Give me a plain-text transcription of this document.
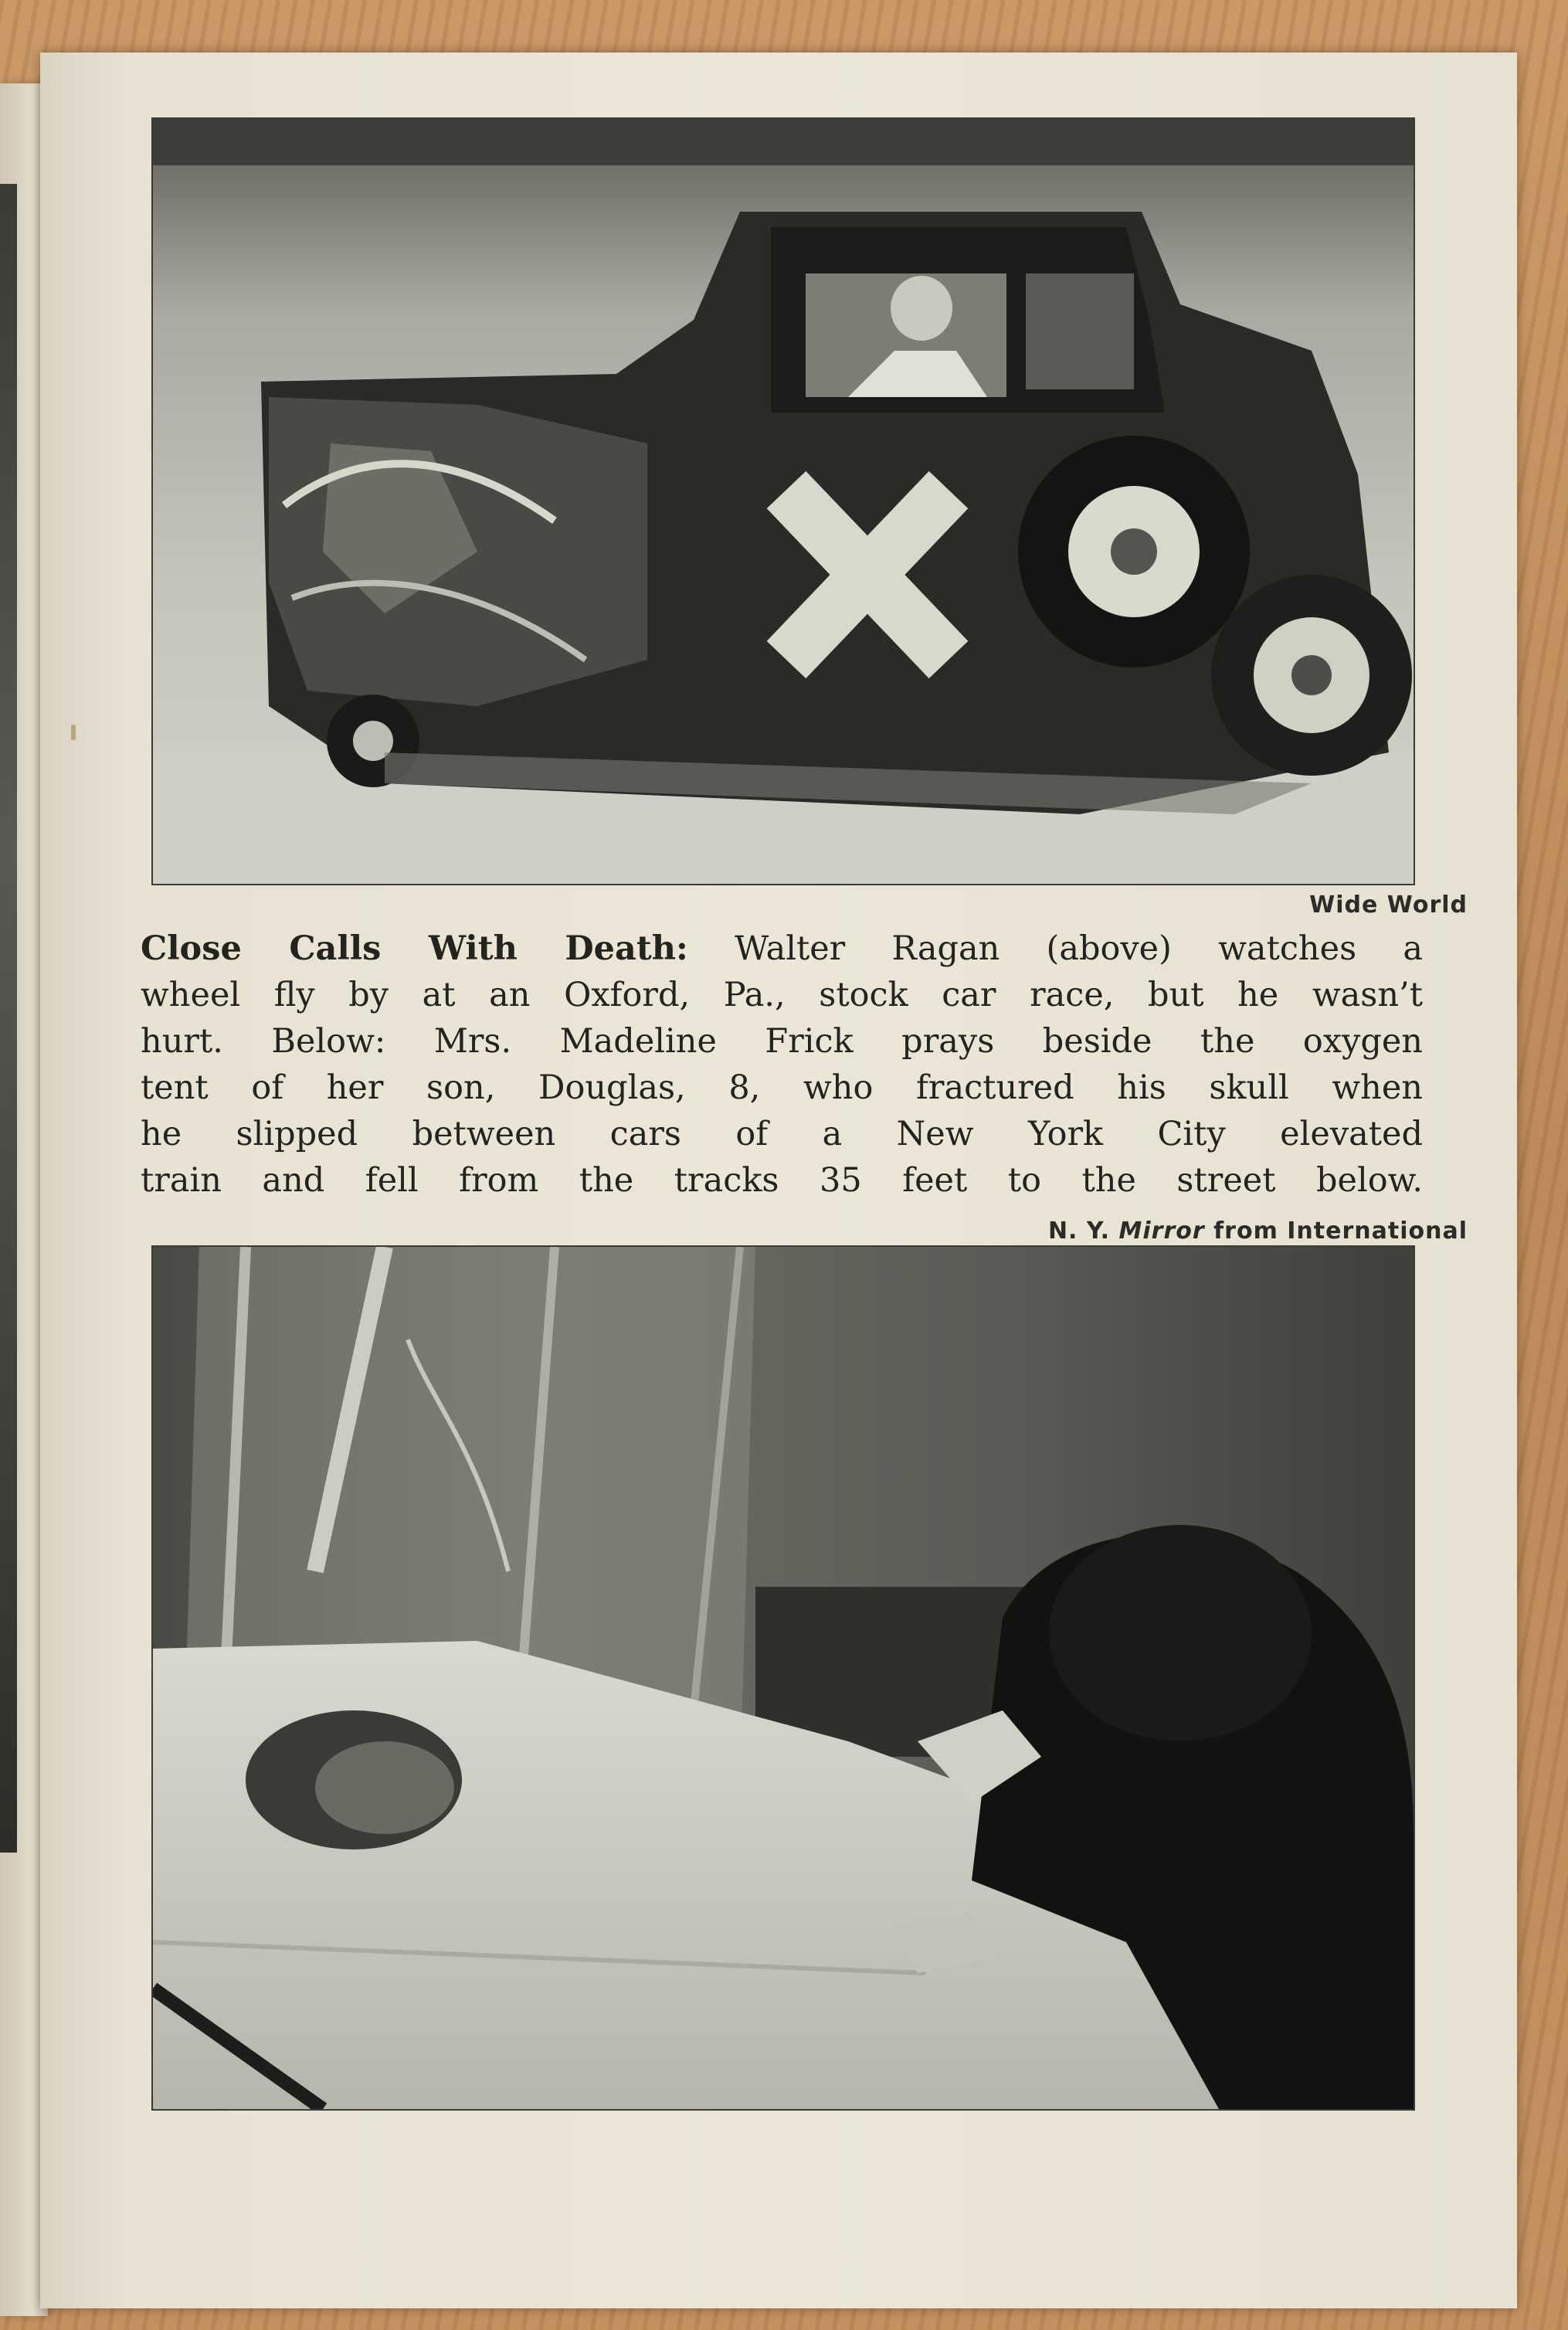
Wide World
Close Calls With Death: Walter Ragan (above) watches a
wheel fly by at an Oxford, Pa., stock car race, but he wasn’t
hurt. Below: Mrs. Madeline Frick prays beside the oxygen
tent of her son, Douglas, 8, who fractured his skull when
he slipped between cars of a New York City elevated
train and fell from the tracks 35 feet to the street below.
N. Y. Mirror from International
